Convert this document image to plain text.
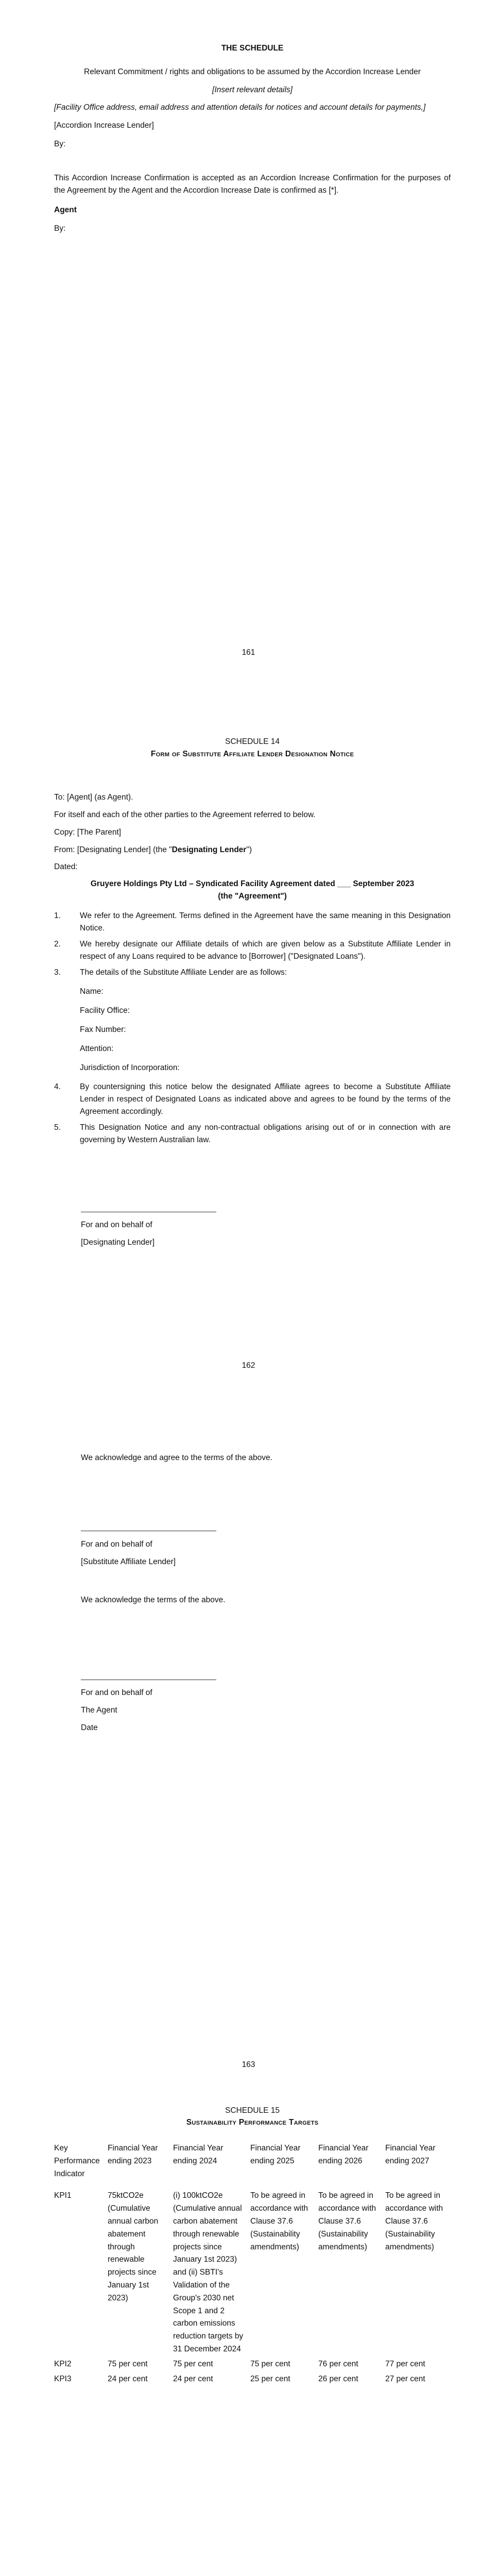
THE SCHEDULE

Relevant Commitment / rights and obligations to be assumed by the Accordion Increase Lender

[Insert relevant details]

[Facility Office address, email address and attention details for notices and account details for payments,]

[Accordion Increase Lender]

By:

This Accordion Increase Confirmation is accepted as an Accordion Increase Confirmation for the purposes of the Agreement by the Agent and the Accordion Increase Date is confirmed as [*].

Agent

By:

161

SCHEDULE 14

Form of Substitute Affiliate Lender Designation Notice

To: [Agent] (as Agent).

For itself and each of the other parties to the Agreement referred to below.

Copy: [The Parent]

From: [Designating Lender] (the "Designating Lender")

Dated:

Gruyere Holdings Pty Ltd – Syndicated Facility Agreement dated ___ September 2023

(the "Agreement")

1. We refer to the Agreement. Terms defined in the Agreement have the same meaning in this Designation Notice.
2. We hereby designate our Affiliate details of which are given below as a Substitute Affiliate Lender in respect of any Loans required to be advance to [Borrower] ("Designated Loans").
3. The details of the Substitute Affiliate Lender are as follows:
Name:
Facility Office:
Fax Number:
Attention:
Jurisdiction of Incorporation:
4. By countersigning this notice below the designated Affiliate agrees to become a Substitute Affiliate Lender in respect of Designated Loans as indicated above and agrees to be found by the terms of the Agreement accordingly.
5. This Designation Notice and any non-contractual obligations arising out of or in connection with are governing by Western Australian law.

For and on behalf of

[Designating Lender]

162

We acknowledge and agree to the terms of the above.

For and on behalf of

[Substitute Affiliate Lender]

We acknowledge the terms of the above.

For and on behalf of

The Agent

Date

163

SCHEDULE 15

Sustainability Performance Targets

Key Performance Indicator	Financial Year ending 2023	Financial Year ending 2024	Financial Year ending 2025	Financial Year ending 2026	Financial Year ending 2027

KPI1	75ktCO2e (Cumulative annual carbon abatement through renewable projects since January 1st 2023)	(i) 100ktCO2e (Cumulative annual carbon abatement through renewable projects since January 1st 2023) and (ii) SBTI's Validation of the Group's 2030 net Scope 1 and 2 carbon emissions reduction targets by 31 December 2024	To be agreed in accordance with Clause 37.6 (Sustainability amendments)	To be agreed in accordance with Clause 37.6 (Sustainability amendments)	To be agreed in accordance with Clause 37.6 (Sustainability amendments)
KPI2	75 per cent	75 per cent	75 per cent	76 per cent	77 per cent
KPI3	24 per cent	24 per cent	25 per cent	26 per cent	27 per cent
